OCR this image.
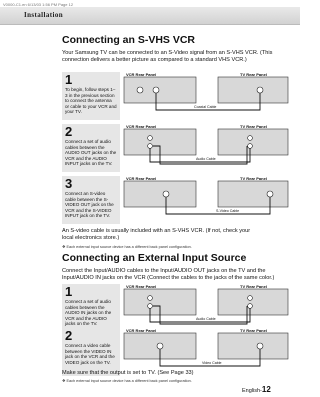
V0000-C1.en 6/13/03 1:56 PM Page 12
Installation
Connecting an S-VHS VCR

Your Samsung TV can be connected to an S-Video signal from an S-VHS VCR. (This connection delivers a better picture as compared to a standard VHS VCR.)

1
To begin, follow steps 1–3 in the previous section to connect the antenna or cable to your VCR and your TV.
VCR Rear Panel	TV Rear Panel
Coaxial Cable
2
Connect a set of audio cables between the AUDIO OUT jacks on the VCR and the AUDIO INPUT jacks on the TV.
VCR Rear Panel	TV Rear Panel
Audio Cable
3
Connect an S-video cable between the S-VIDEO OUT jack on the VCR and the S-VIDEO INPUT jack on the TV.
VCR Rear Panel	TV Rear Panel
S-Video Cable

An S-video cable is usually included with an S-VHS VCR. (If not, check your local electronics store.)

❖ Each external input source device has a different back panel configuration.
Connecting an External Input Source

Connect the Input/AUDIO cables to the Input/AUDIO OUT jacks on the TV and the Input/AUDIO IN jacks on the VCR (Connect the cables to the jacks of the same color.)

1
Connect a set of audio cables between the AUDIO IN jacks on the VCR and the AUDIO jacks on the TV.
VCR Rear Panel	TV Rear Panel
Audio Cable
2
Connect a video cable between the VIDEO IN jack on the VCR and the VIDEO jack on the TV.
VCR Rear Panel	TV Rear Panel
Video Cable

Make sure that the output is set to TV. (See Page 33)

❖ Each external input source device has a different back panel configuration.
English-12
